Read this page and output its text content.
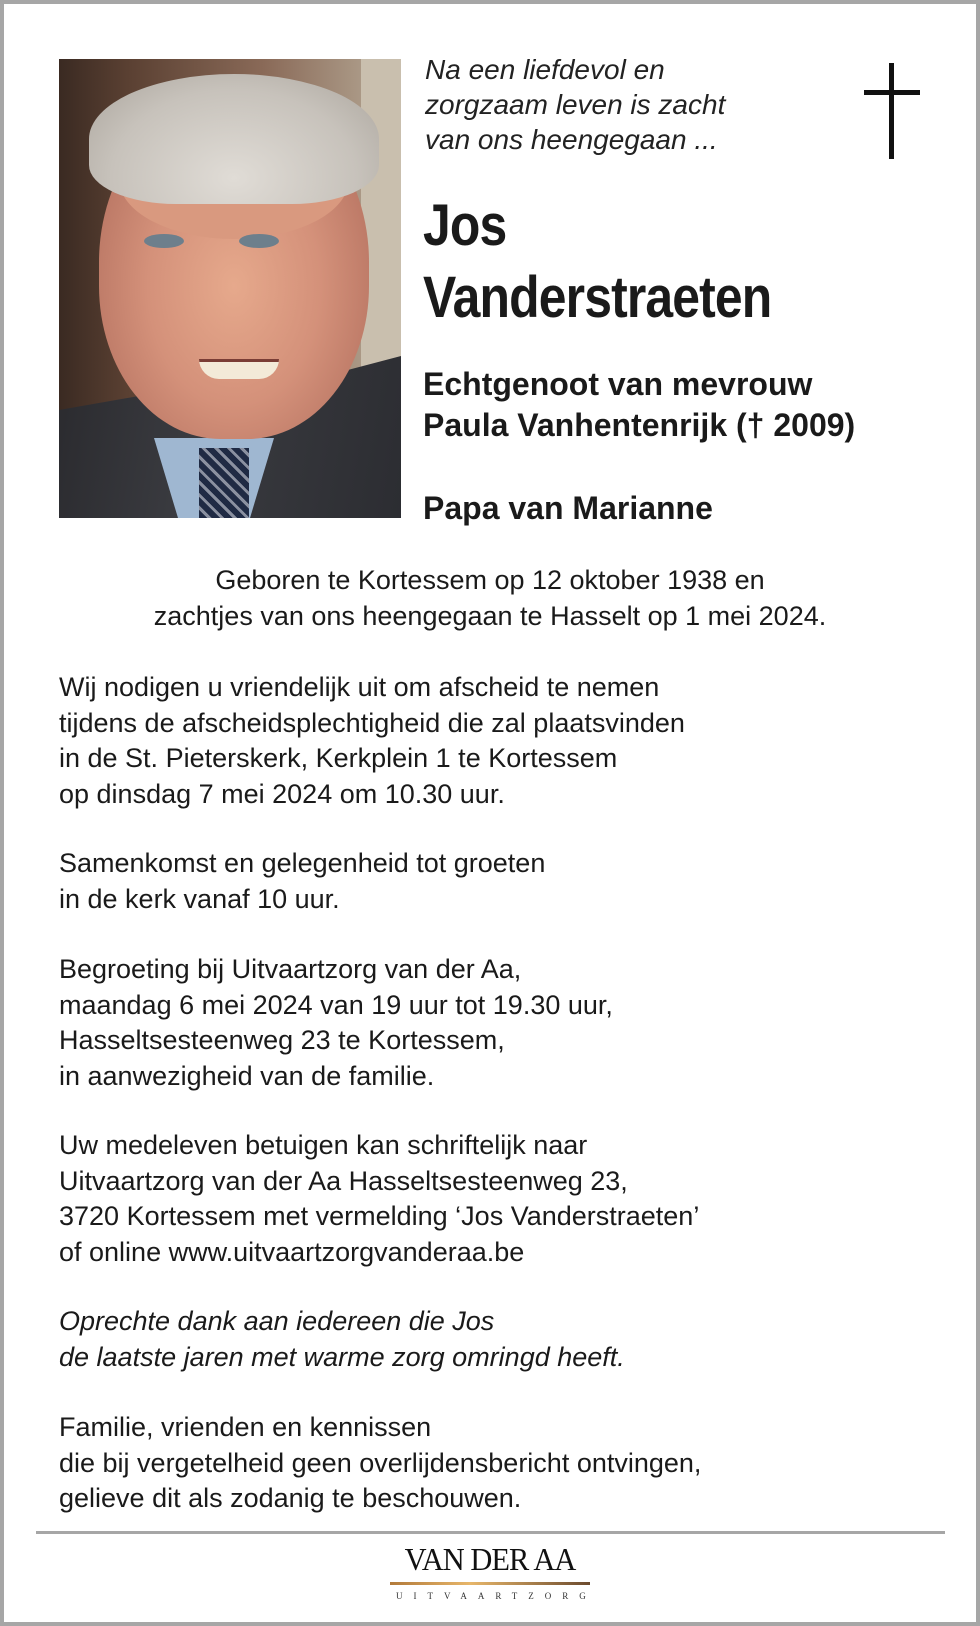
Na een liefdevol en
zorgzaam leven is zacht
van ons heengegaan ...
Jos
Vanderstraeten
Echtgenoot van mevrouw
Paula Vanhentenrijk († 2009)
Papa van Marianne
Geboren te Kortessem op 12 oktober 1938 en
zachtjes van ons heengegaan te Hasselt op 1 mei 2024.
Wij nodigen u vriendelijk uit om afscheid te nemen
tijdens de afscheidsplechtigheid die zal plaatsvinden
in de St. Pieterskerk, Kerkplein 1 te Kortessem
op dinsdag 7 mei 2024 om 10.30 uur.
Samenkomst en gelegenheid tot groeten
in de kerk vanaf 10 uur.
Begroeting bij Uitvaartzorg van der Aa,
maandag 6 mei 2024 van 19 uur tot 19.30 uur,
Hasseltsesteenweg 23 te Kortessem,
in aanwezigheid van de familie.
Uw medeleven betuigen kan schriftelijk naar
Uitvaartzorg van der Aa Hasseltsesteenweg 23,
3720 Kortessem met vermelding ‘Jos Vanderstraeten’
of online www.uitvaartzorgvanderaa.be
Oprechte dank aan iedereen die Jos
de laatste jaren met warme zorg omringd heeft.
Familie, vrienden en kennissen
die bij vergetelheid geen overlijdensbericht ontvingen,
gelieve dit als zodanig te beschouwen.
VAN DER AA
UITVAARTZORG
